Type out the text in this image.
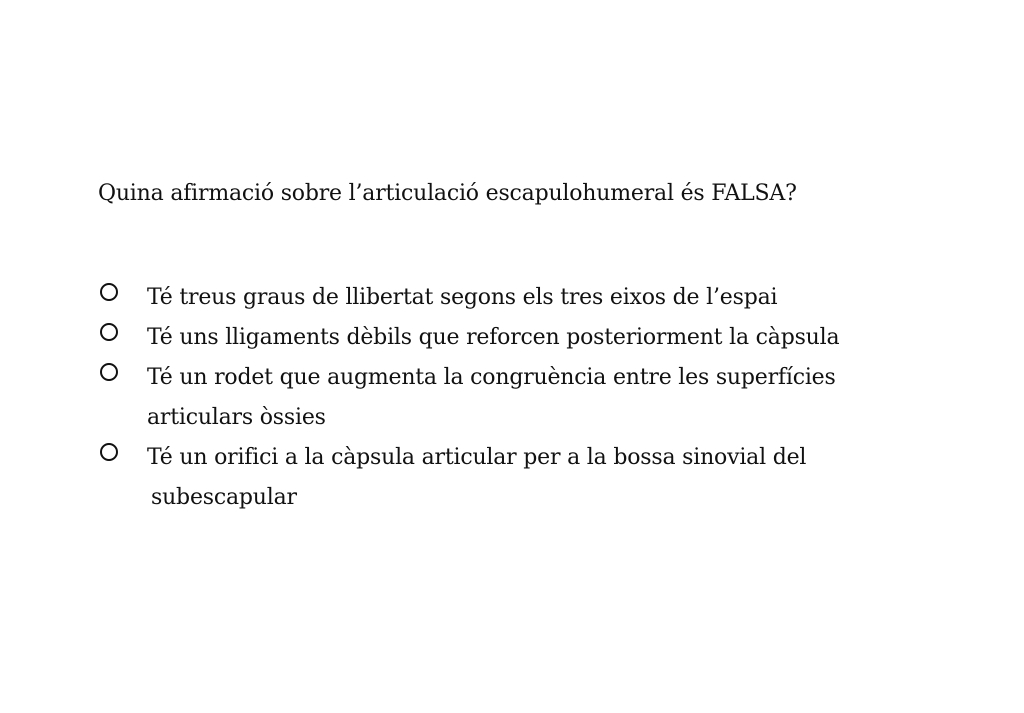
Quina afirmació sobre l’articulació escapulohumeral és FALSA?
Té treus graus de llibertat segons els tres eixos de l’espai
Té uns lligaments dèbils que reforcen posteriorment la càpsula
Té un rodet que augmenta la congruència entre les superfícies
articulars òssies
Té un orifici a la càpsula articular per a la bossa sinovial del
subescapular
